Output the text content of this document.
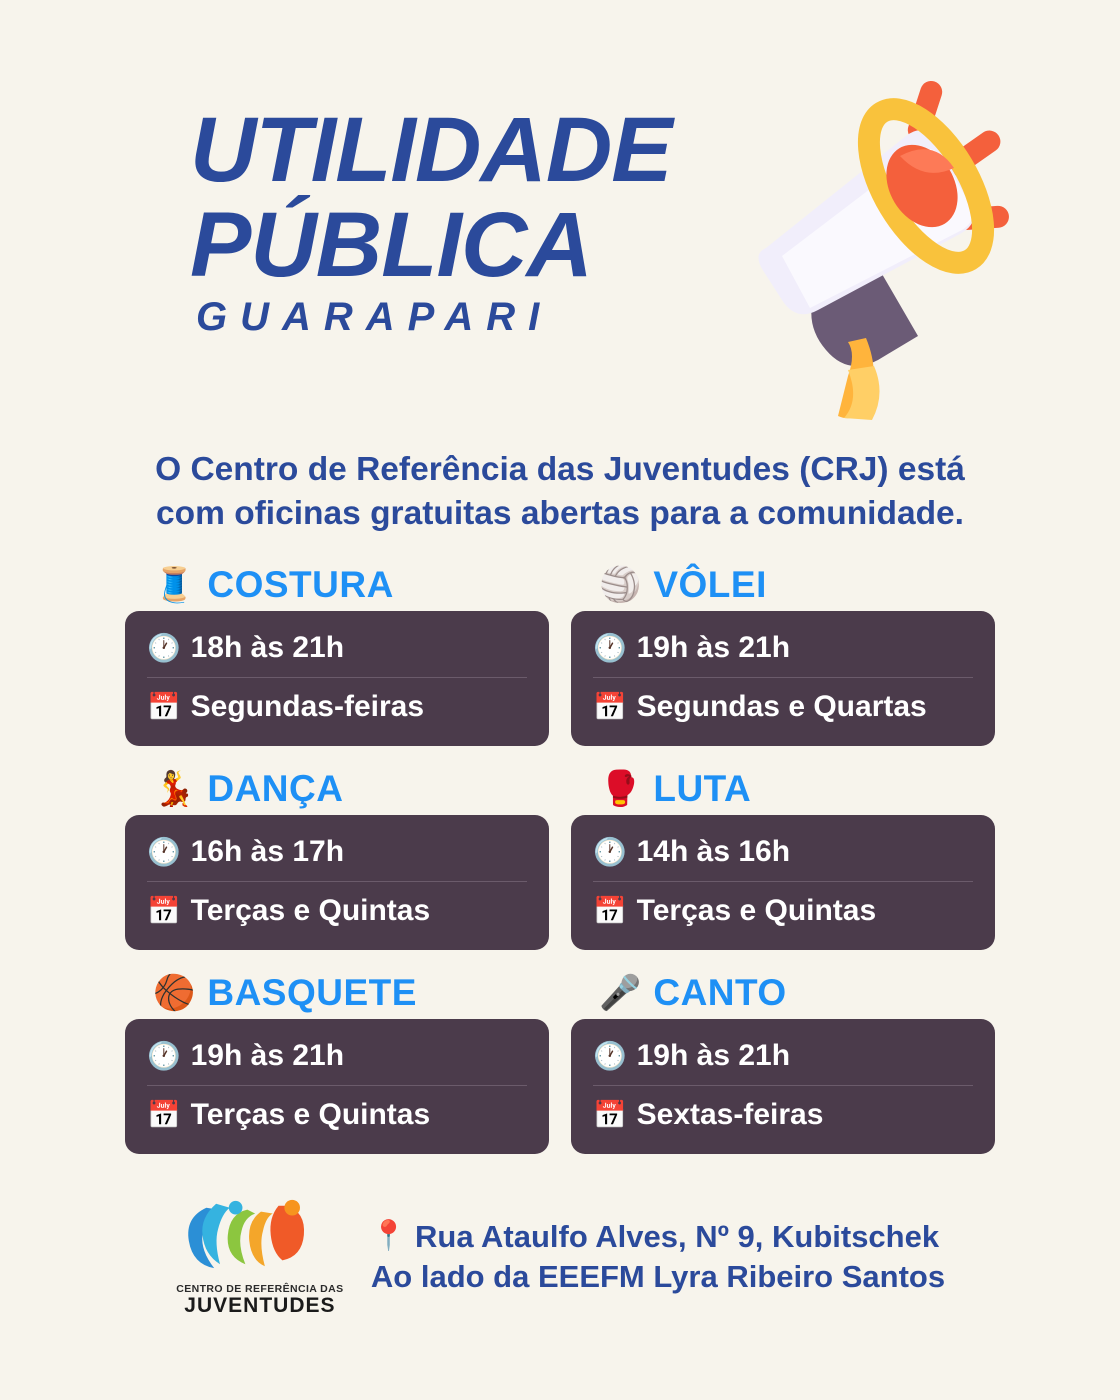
UTILIDADE
PÚBLICA
GUARAPARI
O Centro de Referência das Juventudes (CRJ) está
com oficinas gratuitas abertas para a comunidade.
🧵 COSTURA
🕐 18h às 21h
📅 Segundas-feiras
🏐 VÔLEI
🕐 19h às 21h
📅 Segundas e Quartas
💃 DANÇA
🕐 16h às 17h
📅 Terças e Quintas
🥊 LUTA
🕐 14h às 16h
📅 Terças e Quintas
🏀 BASQUETE
🕐 19h às 21h
📅 Terças e Quintas
🎤 CANTO
🕐 19h às 21h
📅 Sextas-feiras
CENTRO DE REFERÊNCIA DAS
JUVENTUDES
📍 Rua Ataulfo Alves, Nº 9, Kubitschek
Ao lado da EEEFM Lyra Ribeiro Santos
